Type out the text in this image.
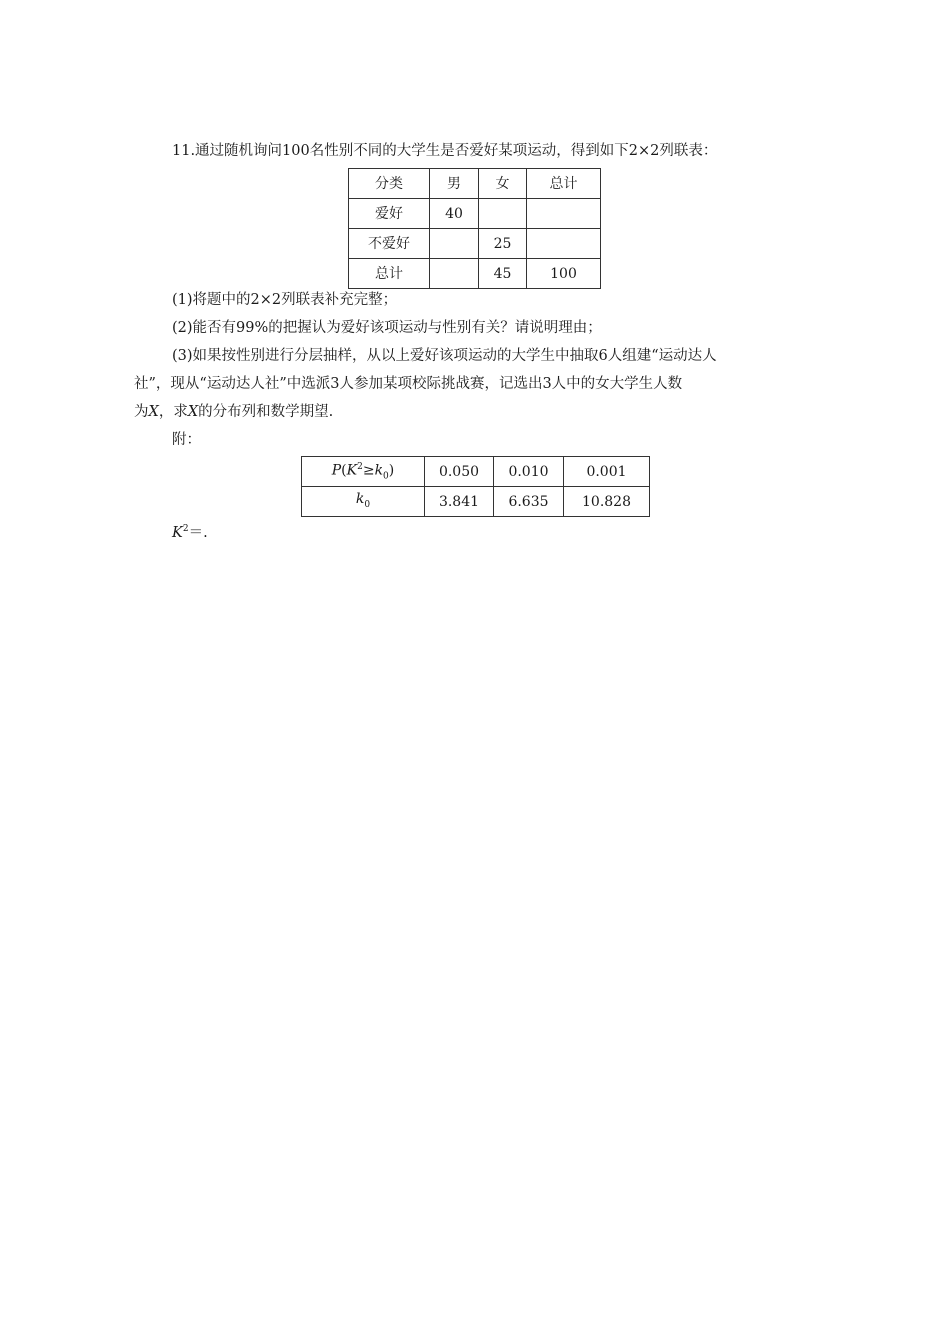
11.通过随机询问100名性别不同的大学生是否爱好某项运动，得到如下2×2列联表：
分类	男	女	总计
爱好	40		
不爱好		25	
总计		45	100
(1)将题中的2×2列联表补充完整；
(2)能否有99%的把握认为爱好该项运动与性别有关？请说明理由；
(3)如果按性别进行分层抽样，从以上爱好该项运动的大学生中抽取6人组建“运动达人
社”，现从“运动达人社”中选派3人参加某项校际挑战赛，记选出3人中的女大学生人数
为X，求X的分布列和数学期望.
附：
$P(K^2\ge k_0)$	0.050	0.010	0.001
$k_0$	3.841	6.635	10.828
$K^2=$.
